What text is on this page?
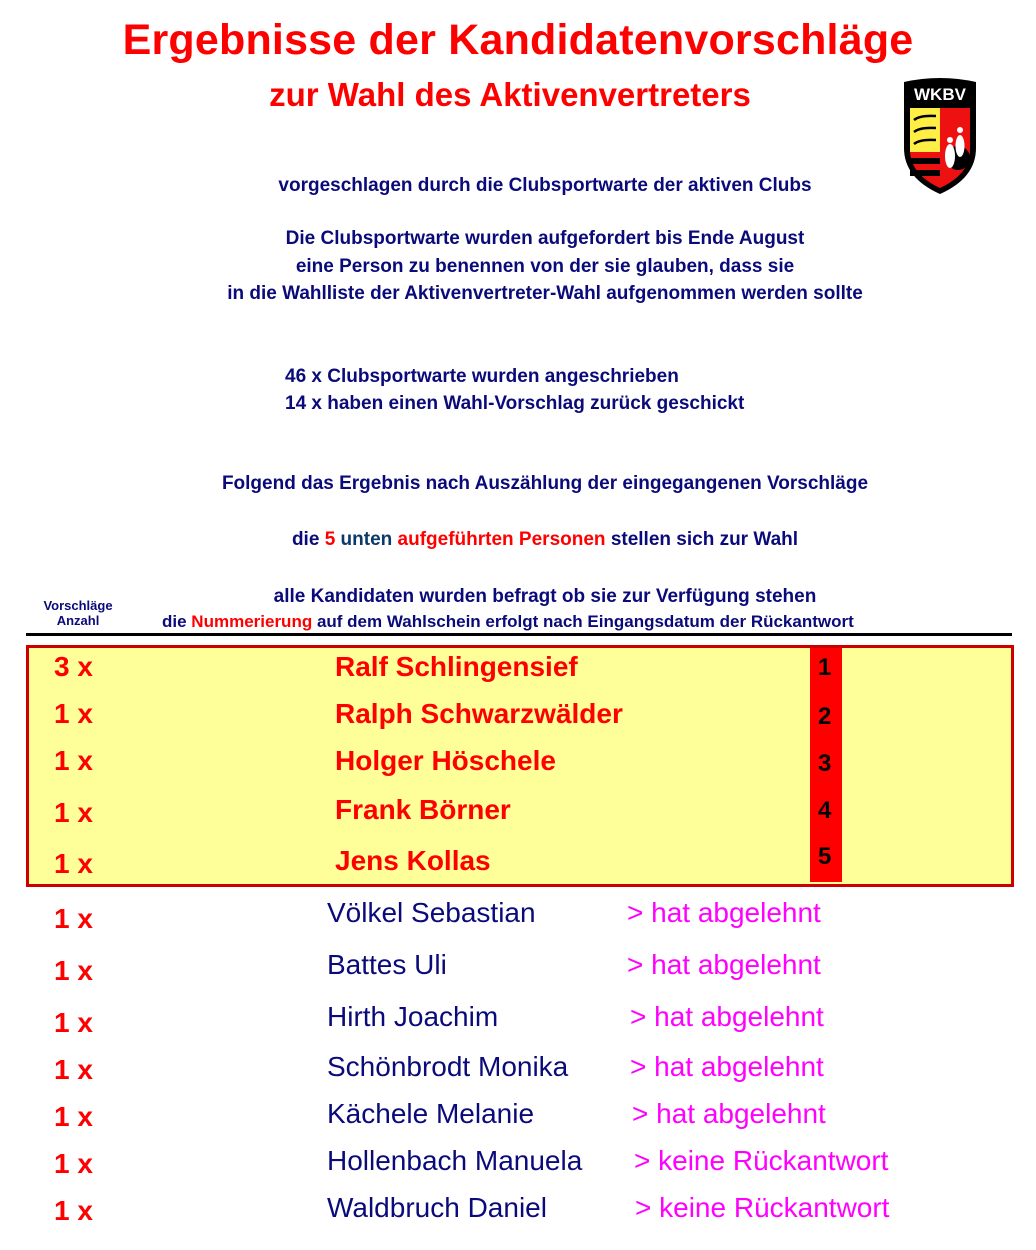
Ergebnisse der Kandidatenvorschläge
zur Wahl des Aktivenvertreters	WKBV
vorgeschlagen durch die Clubsportwarte der aktiven Clubs
Die Clubsportwarte wurden aufgefordert bis Ende August
eine Person zu benennen von der sie glauben, dass sie
in die Wahlliste der Aktivenvertreter-Wahl aufgenommen werden sollte
46 x Clubsportwarte wurden angeschrieben
14 x haben einen Wahl-Vorschlag zurück geschickt
Folgend das Ergebnis nach Auszählung der eingegangenen Vorschläge
die 5 unten aufgeführten Personen stellen sich zur Wahl
alle Kandidaten wurden befragt ob sie zur Verfügung stehen
die Nummerierung auf dem Wahlschein erfolgt nach Eingangsdatum der Rückantwort
Vorschläge
Anzahl
3 x	Ralf Schlingensief	1
1 x	Ralph Schwarzwälder	2
1 x	Holger Höschele	3
1 x	Frank Börner	4
1 x	Jens Kollas	5
1 x	Völkel Sebastian	> hat abgelehnt
1 x	Battes Uli	> hat abgelehnt
1 x	Hirth Joachim	> hat abgelehnt
1 x	Schönbrodt Monika > hat abgelehnt
1 x	Kächele Melanie	> hat abgelehnt
1 x	Hollenbach Manuela > keine Rückantwort
1 x	Waldbruch Daniel	> keine Rückantwort
